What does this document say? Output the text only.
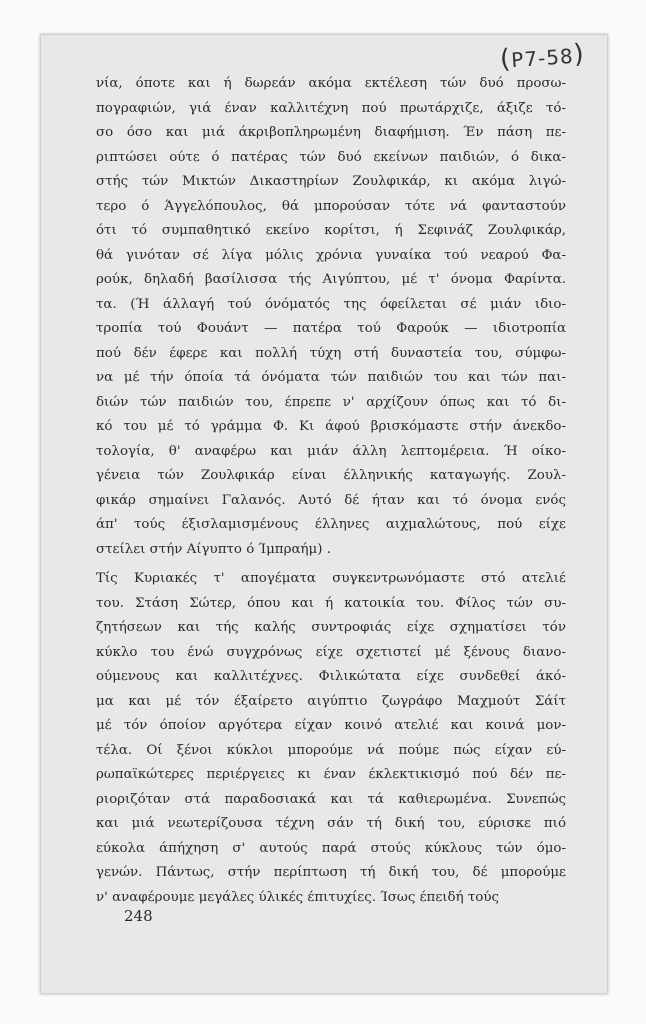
(P7-58)
νία, όποτε και ή δωρεάν ακόμα εκτέλεση τών δυό προσω-
πογραφιών, γιά έναν καλλιτέχνη πού πρωτάρχιζε, άξιζε τό-
σο όσο και μιά άκριβοπληρωμένη διαφήμιση. Έν πάση πε-
ριπτώσει ούτε ό πατέρας τών δυό εκείνων παιδιών, ό δικα-
στής τών Μικτών Δικαστηρίων Ζουλφικάρ, κι ακόμα λιγώ-
τερο ό Άγγελόπουλος, θά μπορούσαν τότε νά φανταστούν
ότι τό συμπαθητικό εκείνο κορίτσι, ή Σεφινάζ Ζουλφικάρ,
θά γινόταν σέ λίγα μόλις χρόνια γυναίκα τού νεαρού Φα-
ρούκ, δηλαδή βασίλισσα τής Αιγύπτου, μέ τ' όνομα Φαρίντα.
τα. (Ή άλλαγή τού όνόματός της όφείλεται σέ μιάν ιδιο-
τροπία τού Φουάντ — πατέρα τού Φαρούκ — ιδιοτροπία
πού δέν έφερε και πολλή τύχη στή δυναστεία του, σύμφω-
να μέ τήν όποία τά όνόματα τών παιδιών του και τών παι-
διών τών παιδιών του, έπρεπε ν' αρχίζουν όπως και τό δι-
κό του μέ τό γράμμα Φ. Κι άφού βρισκόμαστε στήν άνεκδο-
τολογία, θ' αναφέρω και μιάν άλλη λεπτομέρεια. Ή οίκο-
γένεια τών Ζουλφικάρ είναι έλληνικής καταγωγής. Ζουλ-
φικάρ σημαίνει Γαλανός. Αυτό δέ ήταν και τό όνομα ενός
άπ' τούς έξισλαμισμένους έλληνες αιχμαλώτους, πού είχε
στείλει στήν Αίγυπτο ό Ίμπραήμ) .
Τίς Κυριακές τ' απογέματα συγκεντρωνόμαστε στό ατελιέ
του. Στάση Σώτερ, όπου και ή κατοικία του. Φίλος τών συ-
ζητήσεων και τής καλής συντροφιάς είχε σχηματίσει τόν
κύκλο του ένώ συγχρόνως είχε σχετιστεί μέ ξένους διανο-
ούμενους και καλλιτέχνες. Φιλικώτατα είχε συνδεθεί άκό-
μα και μέ τόν έξαίρετο αιγύπτιο ζωγράφο Μαχμούτ Σάίτ
μέ τόν όποίον αργότερα είχαν κοινό ατελιέ και κοινά μον-
τέλα. Οί ξένοι κύκλοι μπορούμε νά πούμε πώς είχαν εύ-
ρωπαϊκώτερες περιέργειες κι έναν έκλεκτικισμό πού δέν πε-
ριοριζόταν στά παραδοσιακά και τά καθιερωμένα. Συνεπώς
και μιά νεωτερίζουσα τέχνη σάν τή δική του, εύρισκε πιό
εύκολα άπήχηση σ' αυτούς παρά στούς κύκλους τών όμο-
γενών. Πάντως, στήν περίπτωση τή δική του, δέ μπορούμε
ν' αναφέρουμε μεγάλες ύλικές έπιτυχίες. Ίσως έπειδή τούς
248
